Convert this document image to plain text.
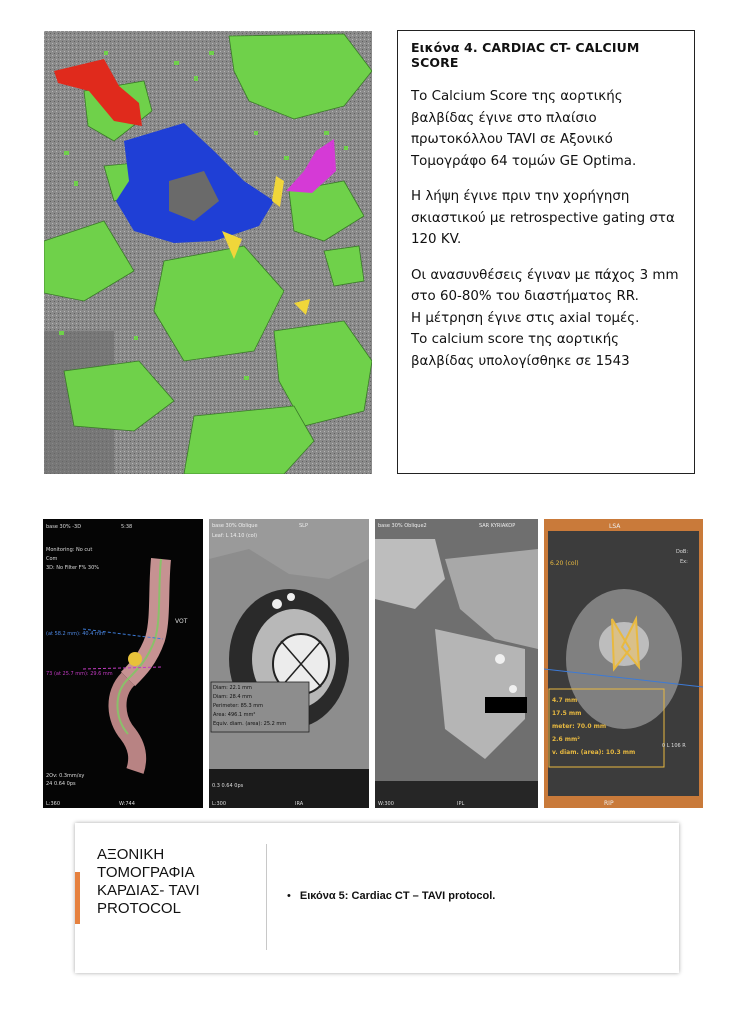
Εικόνα 4. CARDIAC CT- CALCIUM SCORE

Το Calcium Score της αορτικής βαλβίδας έγινε στο πλαίσιο πρωτοκόλλου TAVI σε Αξονικό Τομογράφο 64 τομών GE Optima.

Η λήψη έγινε πριν την χορήγηση σκιαστικού με retrospective gating στα 120 KV.

Οι ανασυνθέσεις έγιναν με πάχος 3 mm στο 60-80% του διαστήματος RR.

Η μέτρηση έγινε στις axial τομές.

Το calcium score της αορτικής βαλβίδας υπολογίσθηκε σε 1543

base 30% -3D	5:38
Monitoring: No cut
Com
3D: No Filter F% 30%
(at 58.2 mm): 40.4 mm
73 (at 25.7 mm): 29.6 mm
VOT
2Ov: 0.3mm/xy
24 0.64 0ps
L:360	W:744
base 30% Oblique	SLP
Leaf: L 14.10 (col)
Diam: 22.1 mm
Diam: 28.4 mm
Perimeter: 85.3 mm
Area: 496.1 mm²
Equiv. diam. (area): 25.2 mm
0.3 0.64 0ps
L:300	IRA
base 30% Oblique2	SAR KYRIAKOP
W:300	IPL
LSA
6.20 (col)
DoB:
Ex:
4.7 mm
17.5 mm
meter: 70.0 mm
2.6 mm²
v. diam. (area): 10.3 mm
0 L 106 R
RIP
ΑΞΟΝΙΚΗ ΤΟΜΟΓΡΑΦΙΑ ΚΑΡΔΙΑΣ- TAVI PROTOCOL
• Εικόνα 5: Cardiac CT – TAVI protocol.
